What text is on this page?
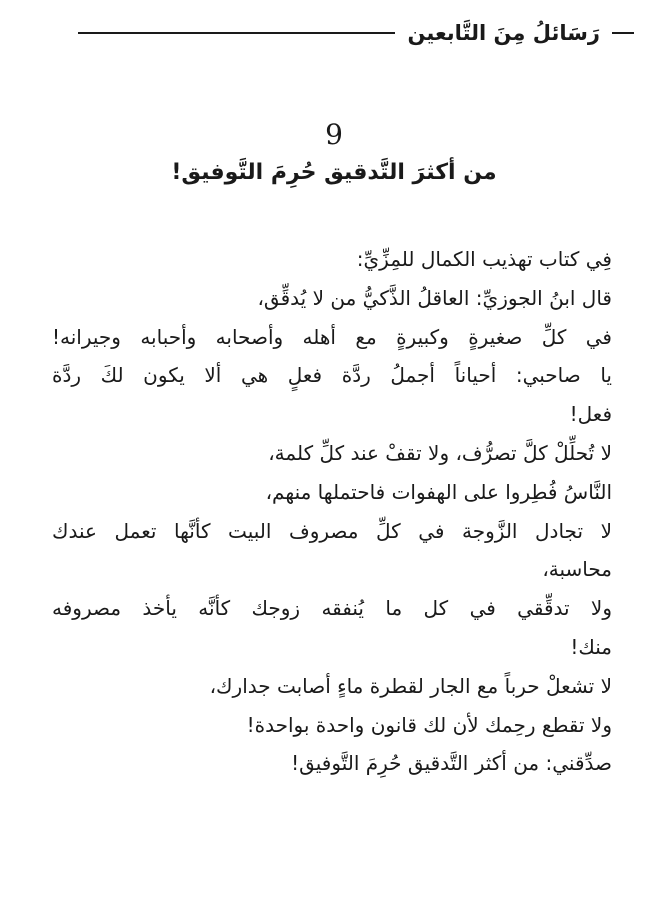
رَسَائلُ مِنَ التَّابعين
9
من أكثرَ التَّدقيق حُرِمَ التَّوفيق!
فِي كتاب تهذيب الكمال للمِزِّيِّ:
قال ابنُ الجوزيِّ: العاقلُ الذَّكيُّ من لا يُدقِّق،
في كلِّ صغيرةٍ وكبيرةٍ مع أهله وأصحابه وأحبابه وجيرانه!
يا صاحبي: أحياناً أجملُ ردَّة فعلٍ هي ألا يكون لكَ ردَّة
فعل!
لا تُحلِّلْ كلَّ تصرُّف، ولا تقفْ عند كلِّ كلمة،
النَّاسُ فُطِروا على الهفوات فاحتملها منهم،
لا تجادل الزَّوجة في كلِّ مصروف البيت كأنَّها تعمل عندك
محاسبة،
ولا تدقِّقي في كل ما يُنفقه زوجك كأنَّه يأخذ مصروفه
منك!
لا تشعلْ حرباً مع الجار لقطرة ماءٍ أصابت جدارك،
ولا تقطع رحِمك لأن لك قانون واحدة بواحدة!
صدِّقني: من أكثر التَّدقيق حُرِمَ التَّوفيق!
